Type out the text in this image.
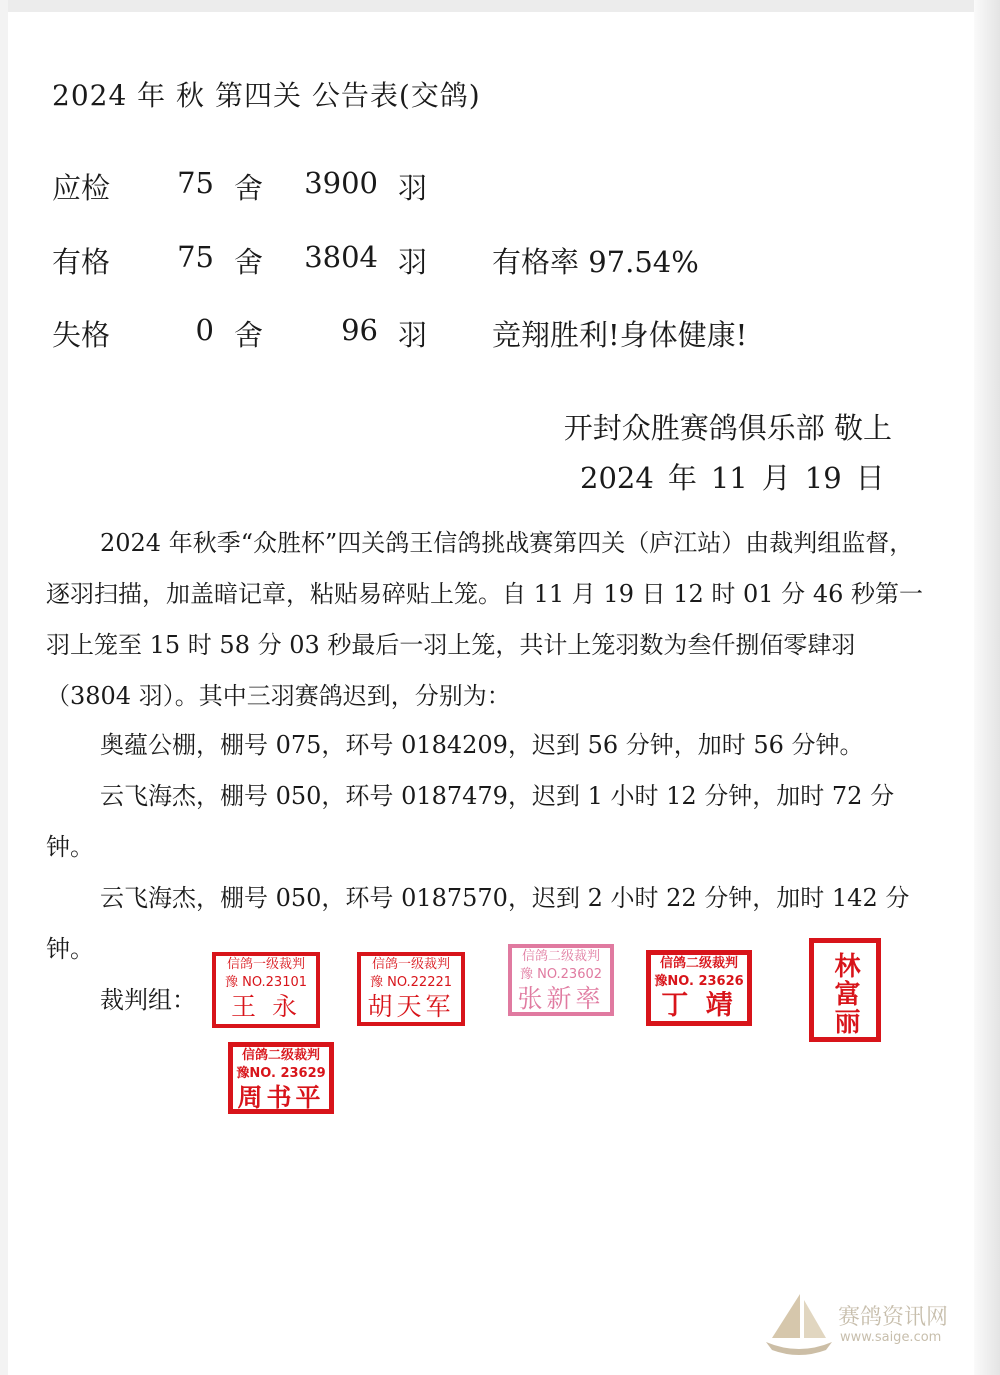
2024 年 秋 第四关 公告表(交鸽)
应检	75 舍	3900 羽
有格	75 舍	3804 羽 有格率 97.54%
失格	0 舍	96 羽 竞翔胜利!身体健康!
开封众胜赛鸽俱乐部 敬上
2024 年 11 月 19 日
2024 年秋季“众胜杯”四关鸽王信鸽挑战赛第四关（庐江站）由裁判组监督，逐羽扫描，加盖暗记章，粘贴易碎贴上笼。自 11 月 19 日 12 时 01 分 46 秒第一羽上笼至 15 时 58 分 03 秒最后一羽上笼，共计上笼羽数为叁仟捌佰零肆羽（3804 羽）。其中三羽赛鸽迟到，分别为：
奥蕴公棚，棚号 075，环号 0184209，迟到 56 分钟，加时 56 分钟。
云飞海杰，棚号 050，环号 0187479，迟到 1 小时 12 分钟，加时 72 分钟。
云飞海杰，棚号 050，环号 0187570，迟到 2 小时 22 分钟，加时 142 分钟。
裁判组：
信鸽一级裁判
豫 NO.23101
王 永
信鸽一级裁判
豫 NO.22221
胡天军
信鸽二级裁判
豫 NO.23602
张新率
信鸽二级裁判
豫NO. 23626
丁 靖	林富丽
信鸽二级裁判
豫NO. 23629
周书平
赛鸽资讯网
www.saige.com
